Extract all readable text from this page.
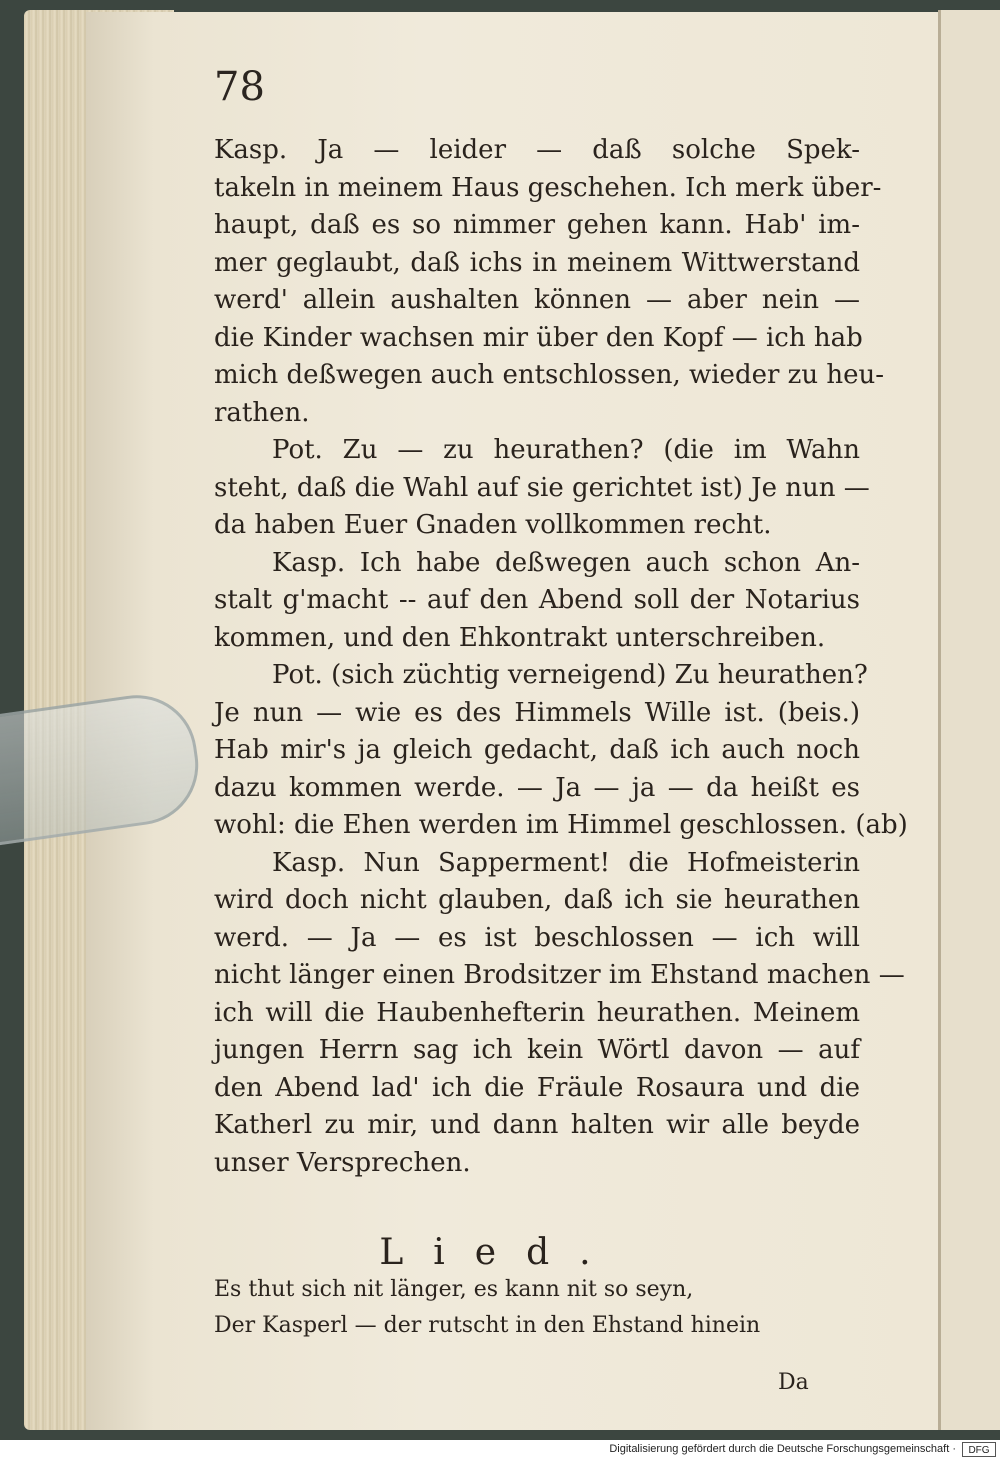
78
Kasp. Ja — leider — daß solche Spek-
takeln in meinem Haus geschehen. Ich merk über-
haupt, daß es so nimmer gehen kann. Hab' im-
mer geglaubt, daß ichs in meinem Wittwerstand
werd' allein aushalten können — aber nein —
die Kinder wachsen mir über den Kopf — ich hab
mich deßwegen auch entschlossen, wieder zu heu-
rathen.
Pot. Zu — zu heurathen? (die im Wahn
steht, daß die Wahl auf sie gerichtet ist) Je nun —
da haben Euer Gnaden vollkommen recht.
Kasp. Ich habe deßwegen auch schon An-
stalt g'macht -- auf den Abend soll der Notarius
kommen, und den Ehkontrakt unterschreiben.
Pot. (sich züchtig verneigend) Zu heurathen?
Je nun — wie es des Himmels Wille ist. (beis.)
Hab mir's ja gleich gedacht, daß ich auch noch
dazu kommen werde. — Ja — ja — da heißt es
wohl: die Ehen werden im Himmel geschlossen. (ab)
Kasp. Nun Sapperment! die Hofmeisterin
wird doch nicht glauben, daß ich sie heurathen
werd. — Ja — es ist beschlossen — ich will
nicht länger einen Brodsitzer im Ehstand machen —
ich will die Haubenhefterin heurathen. Meinem
jungen Herrn sag ich kein Wörtl davon — auf
den Abend lad' ich die Fräule Rosaura und die
Katherl zu mir, und dann halten wir alle beyde
unser Versprechen.
Lied.
Es thut sich nit länger, es kann nit so seyn,
Der Kasperl — der rutscht in den Ehstand hinein
Da
Digitalisierung gefördert durch die Deutsche Forschungsgemeinschaft ·	DFG
